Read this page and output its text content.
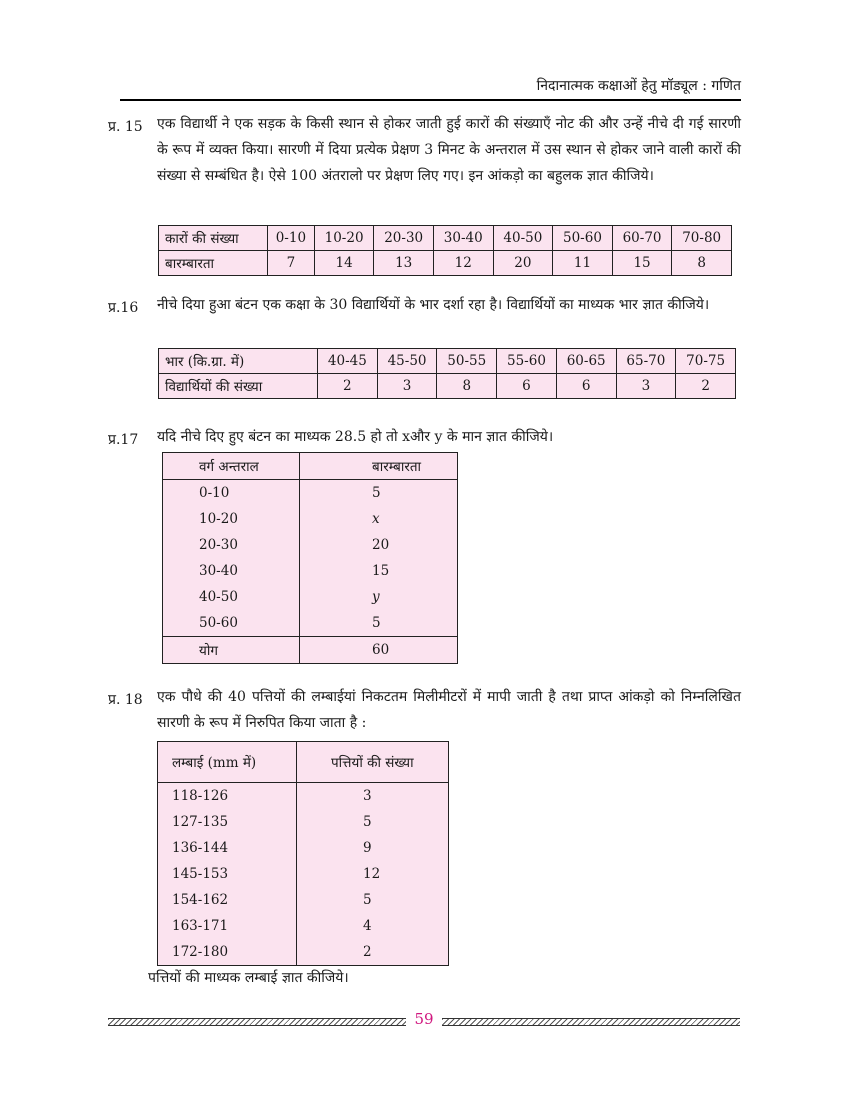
निदानात्मक कक्षाओं हेतु मॉड्यूल : गणित
प्र. 15 एक विद्यार्थी ने एक सड़क के किसी स्थान से होकर जाती हुई कारों की संख्याएँ नोट की और उन्हें नीचे दी गई सारणी के रूप में व्यक्त किया। सारणी में दिया प्रत्येक प्रेक्षण 3 मिनट के अन्तराल में उस स्थान से होकर जाने वाली कारों की संख्या से सम्बंधित है। ऐसे 100 अंतरालो पर प्रेक्षण लिए गए। इन आंकड़ो का बहुलक ज्ञात कीजिये।
कारों की संख्या	0-10	10-20	20-30	30-40	40-50	50-60	60-70	70-80
बारम्बारता	7	14	13	12	20	11	15	8
प्र.16 नीचे दिया हुआ बंटन एक कक्षा के 30 विद्यार्थियों के भार दर्शा रहा है। विद्यार्थियों का माध्यक भार ज्ञात कीजिये।
भार (कि.ग्रा. में)	40-45	45-50	50-55	55-60	60-65	65-70	70-75
विद्यार्थियों की संख्या	2	3	8	6	6	3	2
प्र.17 यदि नीचे दिए हुए बंटन का माध्यक 28.5 हो तो xऔर y के मान ज्ञात कीजिये।
वर्ग अन्तराल	बारम्बारता
0-10	5
10-20	x
20-30	20
30-40	15
40-50	y
50-60	5
योग	60
प्र. 18 एक पौधे की 40 पत्तियों की लम्बाईयां निकटतम मिलीमीटरों में मापी जाती है तथा प्राप्त आंकड़ो को निम्नलिखित सारणी के रूप में निरुपित किया जाता है :
लम्बाई (mm में)	पत्तियों की संख्या
118-126	3
127-135	5
136-144	9
145-153	12
154-162	5
163-171	4
172-180	2
पत्तियों की माध्यक लम्बाई ज्ञात कीजिये।
59
